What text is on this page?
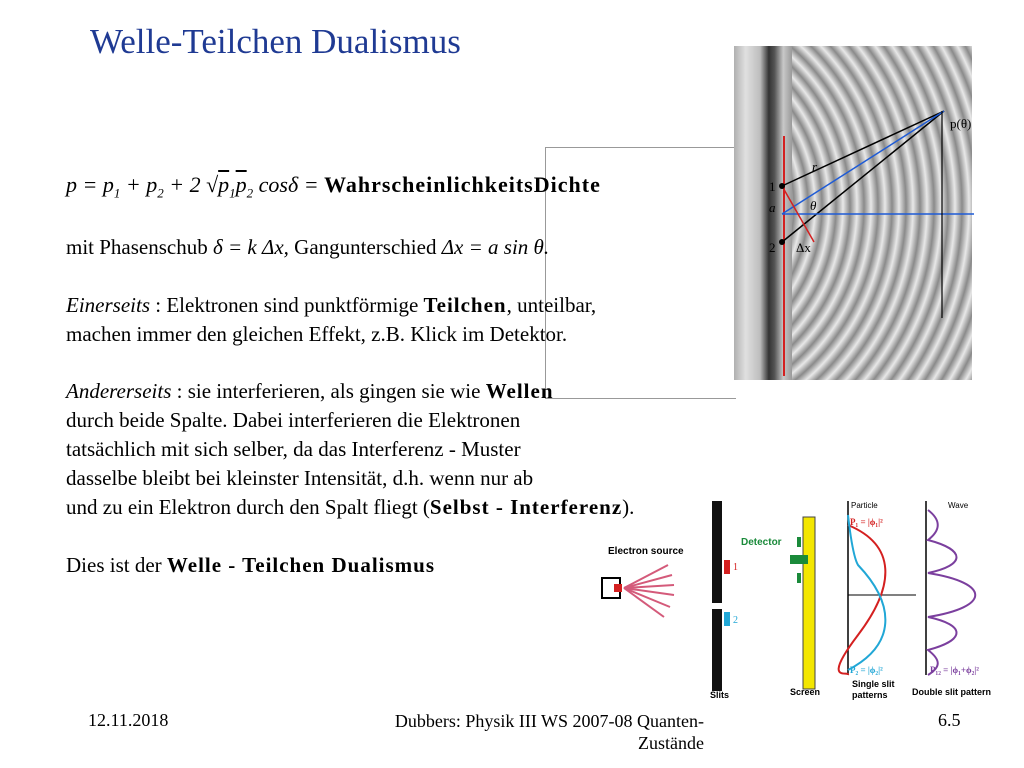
Welle-Teilchen Dualismus
p(θ)
r
1
a	θ
2 Δx
$p = p_1 + p_2 + 2$ $√p_1\overline{p}_2$ cosδ = WahrscheinlichkeitsDichte
mit Phasenschub δ = k Δx, Gangunterschied Δx = a sin θ.
Einerseits : Elektronen sind punktförmige Teilchen, unteilbar,
machen immer den gleichen Effekt, z.B. Klick im Detektor.
Andererseits : sie interferieren, als gingen sie wie Wellen
durch beide Spalte. Dabei interferieren die Elektronen
tatsächlich mit sich selber, da das Interferenz - Muster
dasselbe bleibt bei kleinster Intensität, d.h. wenn nur ab
und zu ein Elektron durch den Spalt fliegt (Selbst - Interferenz).
Dies ist der Welle - Teilchen Dualismus
Electron source
1
2
Detector
Particle	Wave
P₁ = |ϕ₁|²
P₂ = |ϕ₂|²	P₁₂ = |ϕ₁+ϕ₂|²
Slits	Screen
Single slit
patterns	Double slit pattern
12.11.2018	Dubbers: Physik III WS 2007-08 Quanten-
Zustände
6.5
